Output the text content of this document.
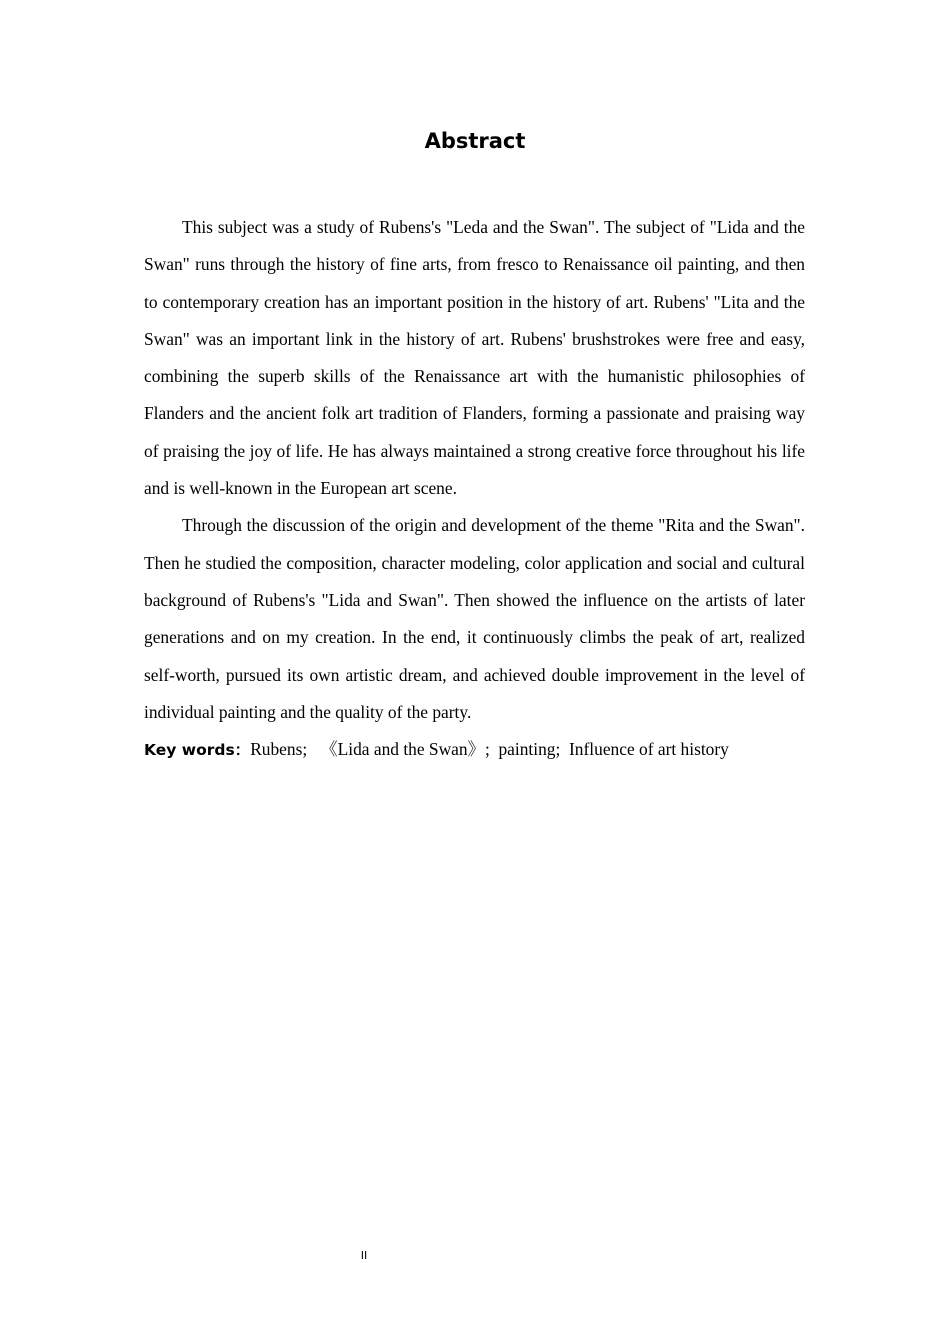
Abstract

This subject was a study of Rubens's "Leda and the Swan". The subject of "Lida and the Swan" runs through the history of fine arts, from fresco to Renaissance oil painting, and then to contemporary creation has an important position in the history of art. Rubens' "Lita and the Swan" was an important link in the history of art. Rubens' brushstrokes were free and easy, combining the superb skills of the Renaissance art with the humanistic philosophies of Flanders and the ancient folk art tradition of Flanders, forming a passionate and praising way of praising the joy of life. He has always maintained a strong creative force throughout his life and is well-known in the European art scene.

Through the discussion of the origin and development of the theme "Rita and the Swan". Then he studied the composition, character modeling, color application and social and cultural background of Rubens's "Lida and Swan". Then showed the influence on the artists of later generations and on my creation. In the end, it continuously climbs the peak of art, realized self-worth, pursued its own artistic dream, and achieved double improvement in the level of individual painting and the quality of the party.

Key words：Rubens; 《Lida and the Swan》; painting; Influence of art history

II
